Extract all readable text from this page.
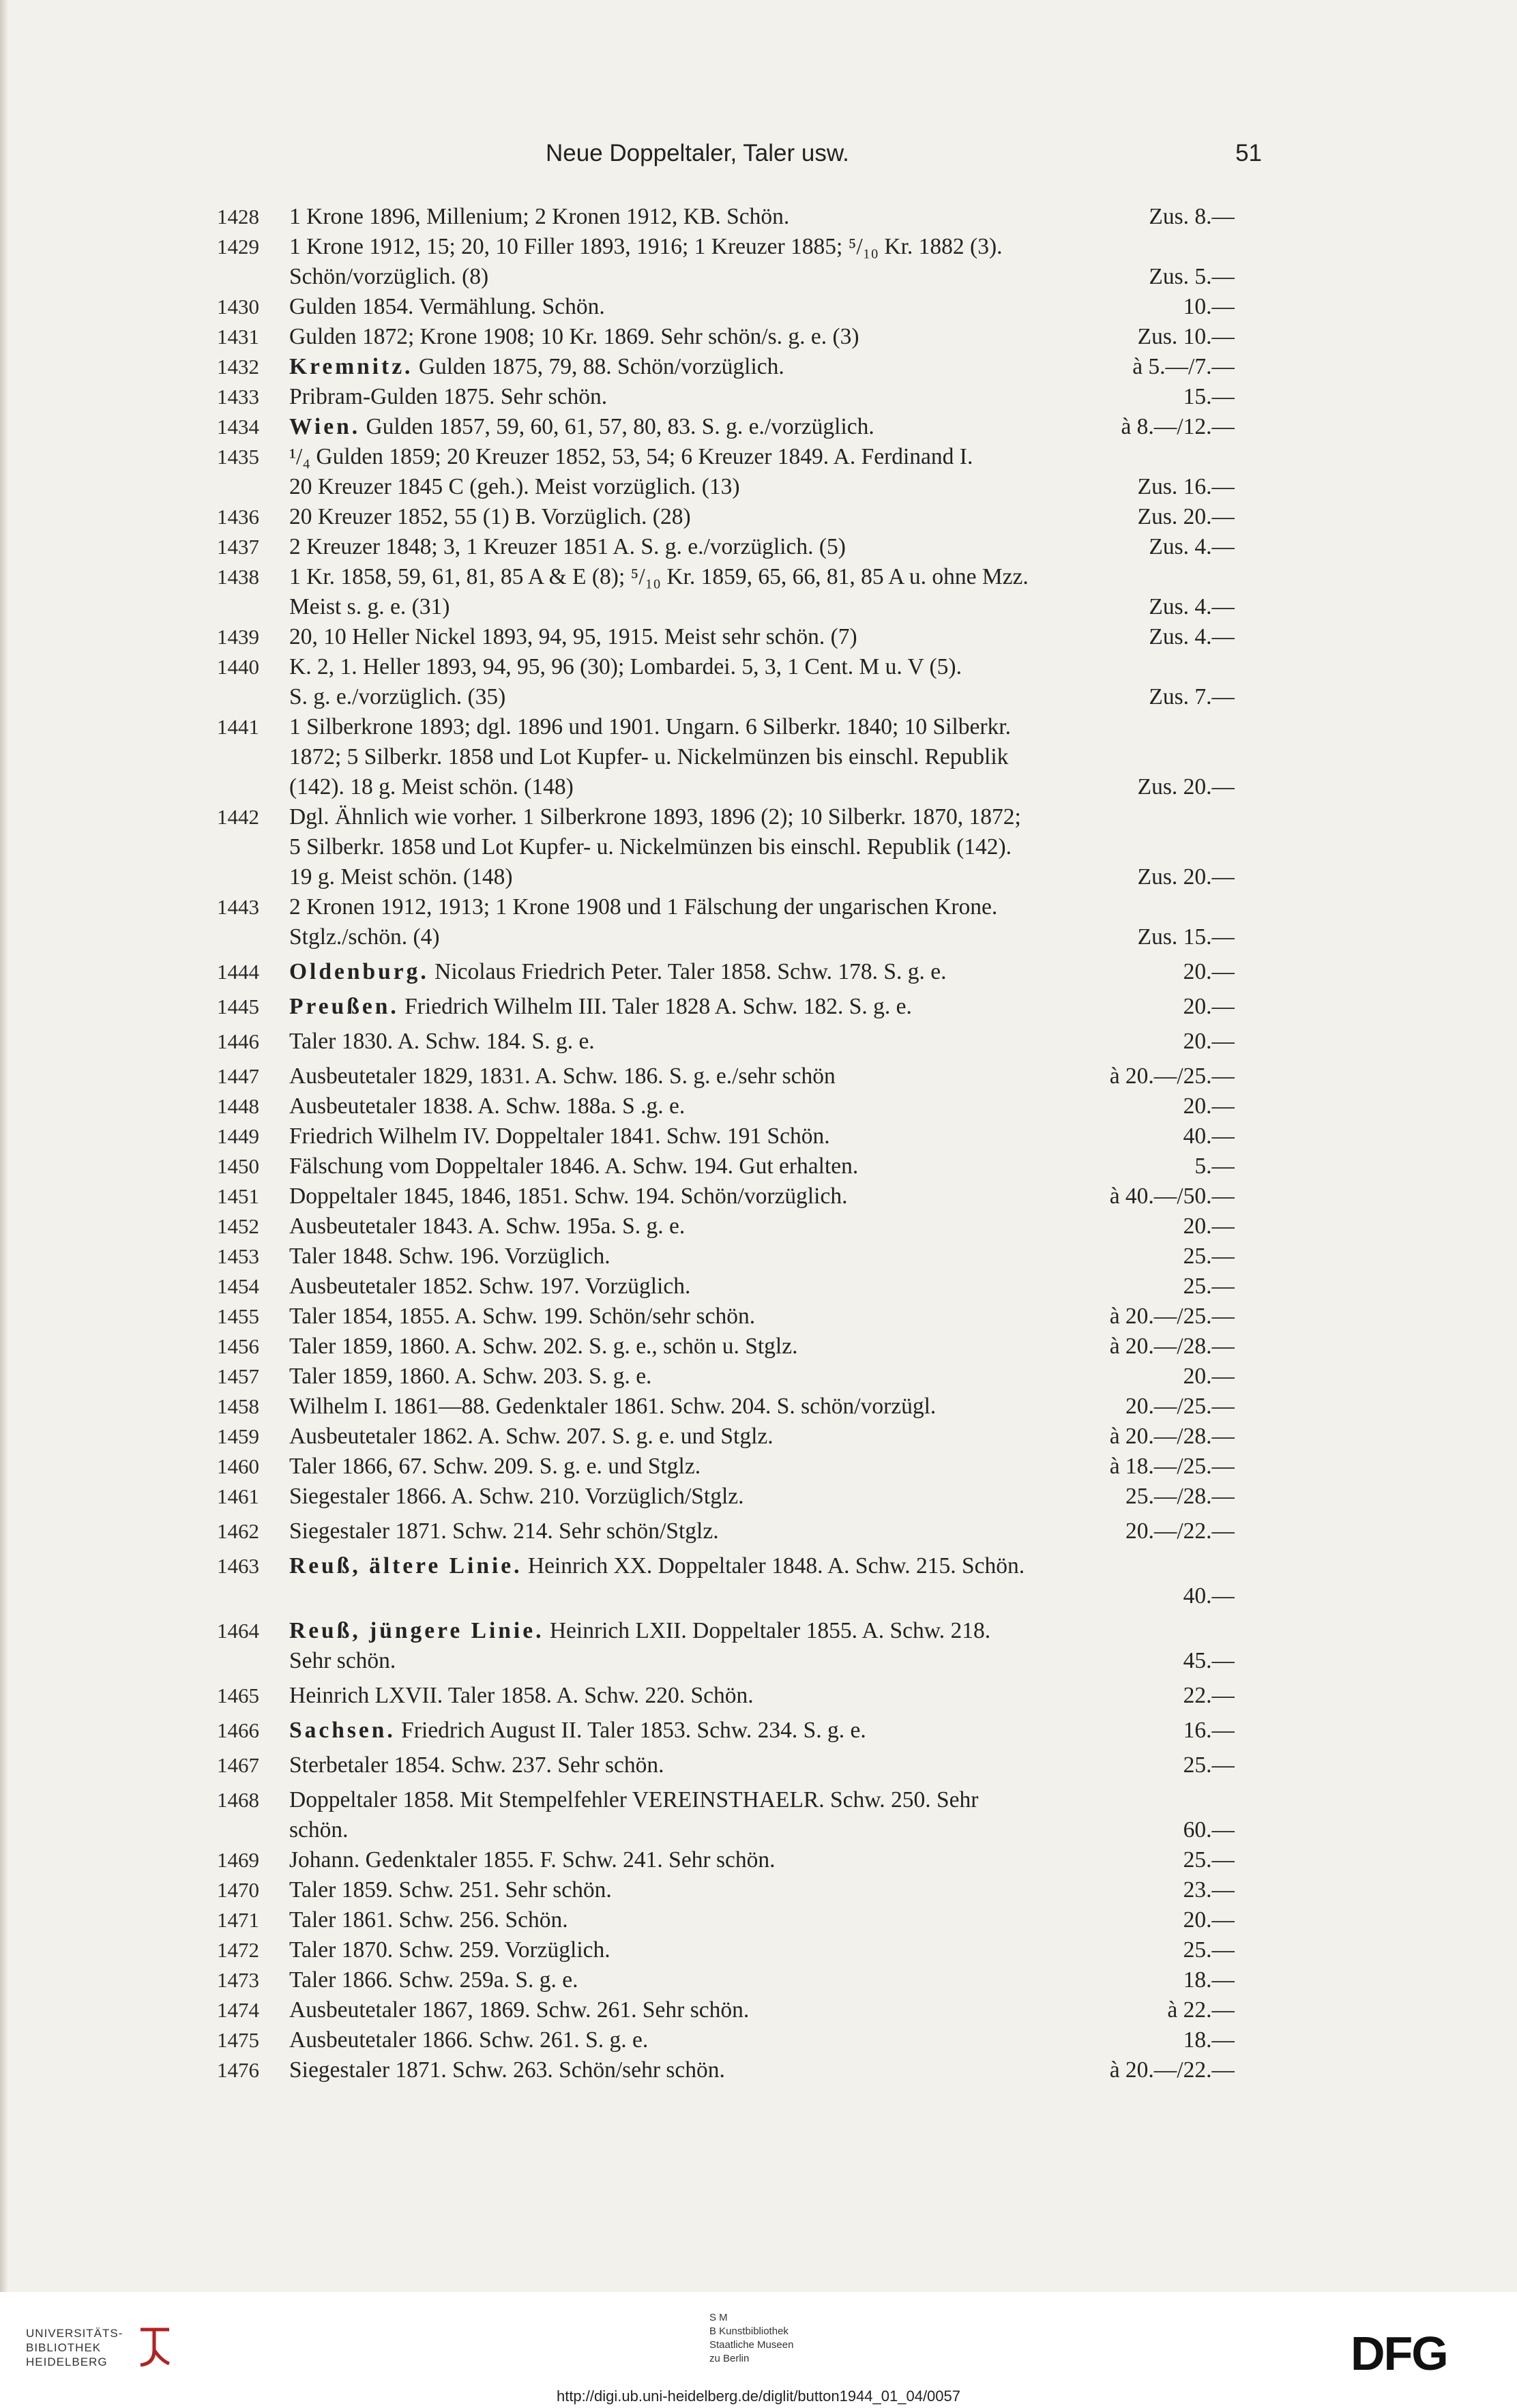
Neue Doppeltaler, Taler usw.	51
1428	1 Krone 1896, Millenium; 2 Kronen 1912, KB. Schön.	Zus. 8.—
1429	1 Krone 1912, 15; 20, 10 Filler 1893, 1916; 1 Kreuzer 1885; ⁵/₁₀ Kr. 1882 (3).
Schön/vorzüglich. (8)	Zus. 5.—
1430	Gulden 1854. Vermählung. Schön.	10.—
1431	Gulden 1872; Krone 1908; 10 Kr. 1869. Sehr schön/s. g. e. (3)	Zus. 10.—
1432	Kremnitz. Gulden 1875, 79, 88. Schön/vorzüglich.	à 5.—/7.—
1433	Pribram-Gulden 1875. Sehr schön.	15.—
1434	Wien. Gulden 1857, 59, 60, 61, 57, 80, 83. S. g. e./vorzüglich.	à 8.—/12.—
1435	¹/₄ Gulden 1859; 20 Kreuzer 1852, 53, 54; 6 Kreuzer 1849. A. Ferdinand I.
20 Kreuzer 1845 C (geh.). Meist vorzüglich. (13)	Zus. 16.—
1436	20 Kreuzer 1852, 55 (1) B. Vorzüglich. (28)	Zus. 20.—
1437	2 Kreuzer 1848; 3, 1 Kreuzer 1851 A. S. g. e./vorzüglich. (5)	Zus. 4.—
1438	1 Kr. 1858, 59, 61, 81, 85 A & E (8); ⁵/₁₀ Kr. 1859, 65, 66, 81, 85 A u. ohne Mzz.
Meist s. g. e. (31)	Zus. 4.—
1439	20, 10 Heller Nickel 1893, 94, 95, 1915. Meist sehr schön. (7)	Zus. 4.—
1440	K. 2, 1. Heller 1893, 94, 95, 96 (30); Lombardei. 5, 3, 1 Cent. M u. V (5).
S. g. e./vorzüglich. (35)	Zus. 7.—
1441	1 Silberkrone 1893; dgl. 1896 und 1901. Ungarn. 6 Silberkr. 1840; 10 Silberkr.
1872; 5 Silberkr. 1858 und Lot Kupfer- u. Nickelmünzen bis einschl. Republik
(142). 18 g. Meist schön. (148)	Zus. 20.—
1442	Dgl. Ähnlich wie vorher. 1 Silberkrone 1893, 1896 (2); 10 Silberkr. 1870, 1872;
5 Silberkr. 1858 und Lot Kupfer- u. Nickelmünzen bis einschl. Republik (142).
19 g. Meist schön. (148)	Zus. 20.—
1443	2 Kronen 1912, 1913; 1 Krone 1908 und 1 Fälschung der ungarischen Krone.
Stglz./schön. (4)	Zus. 15.—
1444	Oldenburg. Nicolaus Friedrich Peter. Taler 1858. Schw. 178. S. g. e.	20.—
1445	Preußen. Friedrich Wilhelm III. Taler 1828 A. Schw. 182. S. g. e.	20.—
1446	Taler 1830. A. Schw. 184. S. g. e.	20.—
1447	Ausbeutetaler 1829, 1831. A. Schw. 186. S. g. e./sehr schön	à 20.—/25.—
1448	Ausbeutetaler 1838. A. Schw. 188a. S .g. e.	20.—
1449	Friedrich Wilhelm IV. Doppeltaler 1841. Schw. 191 Schön.	40.—
1450	Fälschung vom Doppeltaler 1846. A. Schw. 194. Gut erhalten.	5.—
1451	Doppeltaler 1845, 1846, 1851. Schw. 194. Schön/vorzüglich.	à 40.—/50.—
1452	Ausbeutetaler 1843. A. Schw. 195a. S. g. e.	20.—
1453	Taler 1848. Schw. 196. Vorzüglich.	25.—
1454	Ausbeutetaler 1852. Schw. 197. Vorzüglich.	25.—
1455	Taler 1854, 1855. A. Schw. 199. Schön/sehr schön.	à 20.—/25.—
1456	Taler 1859, 1860. A. Schw. 202. S. g. e., schön u. Stglz.	à 20.—/28.—
1457	Taler 1859, 1860. A. Schw. 203. S. g. e.	20.—
1458	Wilhelm I. 1861—88. Gedenktaler 1861. Schw. 204. S. schön/vorzügl.	20.—/25.—
1459	Ausbeutetaler 1862. A. Schw. 207. S. g. e. und Stglz.	à 20.—/28.—
1460	Taler 1866, 67. Schw. 209. S. g. e. und Stglz.	à 18.—/25.—
1461	Siegestaler 1866. A. Schw. 210. Vorzüglich/Stglz.	25.—/28.—
1462	Siegestaler 1871. Schw. 214. Sehr schön/Stglz.	20.—/22.—
1463	Reuß, ältere Linie. Heinrich XX. Doppeltaler 1848. A. Schw. 215. Schön.
40.—
1464	Reuß, jüngere Linie. Heinrich LXII. Doppeltaler 1855. A. Schw. 218.
Sehr schön.	45.—
1465	Heinrich LXVII. Taler 1858. A. Schw. 220. Schön.	22.—
1466	Sachsen. Friedrich August II. Taler 1853. Schw. 234. S. g. e.	16.—
1467	Sterbetaler 1854. Schw. 237. Sehr schön.	25.—
1468	Doppeltaler 1858. Mit Stempelfehler VEREINSTHAELR. Schw. 250. Sehr
schön.	60.—
1469	Johann. Gedenktaler 1855. F. Schw. 241. Sehr schön.	25.—
1470	Taler 1859. Schw. 251. Sehr schön.	23.—
1471	Taler 1861. Schw. 256. Schön.	20.—
1472	Taler 1870. Schw. 259. Vorzüglich.	25.—
1473	Taler 1866. Schw. 259a. S. g. e.	18.—
1474	Ausbeutetaler 1867, 1869. Schw. 261. Sehr schön.	à 22.—
1475	Ausbeutetaler 1866. Schw. 261. S. g. e.	18.—
1476	Siegestaler 1871. Schw. 263. Schön/sehr schön.	à 20.—/22.—
UNIVERSITÄTS-
BIBLIOTHEK
HEIDELBERG
S M
B Kunstbibliothek
Staatliche Museen
zu Berlin	DFG
http://digi.ub.uni-heidelberg.de/diglit/button1944_01_04/0057
